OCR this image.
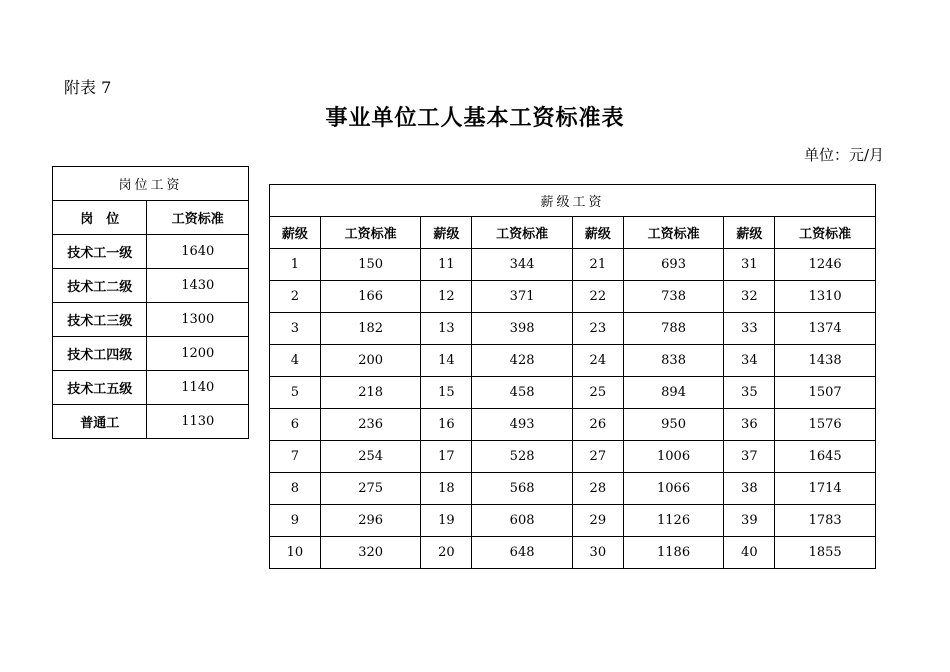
附表 7
事业单位工人基本工资标准表
单位：元/月
岗位工资	
岗　位	工资标准
技术工一级	1640
技术工二级	1430
技术工三级	1300
技术工四级	1200
技术工五级	1140
普通工	1130
薪级工资							
薪级	工资标准	薪级	工资标准	薪级	工资标准	薪级	工资标准
1	150	11	344	21	693	31	1246
2	166	12	371	22	738	32	1310
3	182	13	398	23	788	33	1374
4	200	14	428	24	838	34	1438
5	218	15	458	25	894	35	1507
6	236	16	493	26	950	36	1576
7	254	17	528	27	1006	37	1645
8	275	18	568	28	1066	38	1714
9	296	19	608	29	1126	39	1783
10	320	20	648	30	1186	40	1855
